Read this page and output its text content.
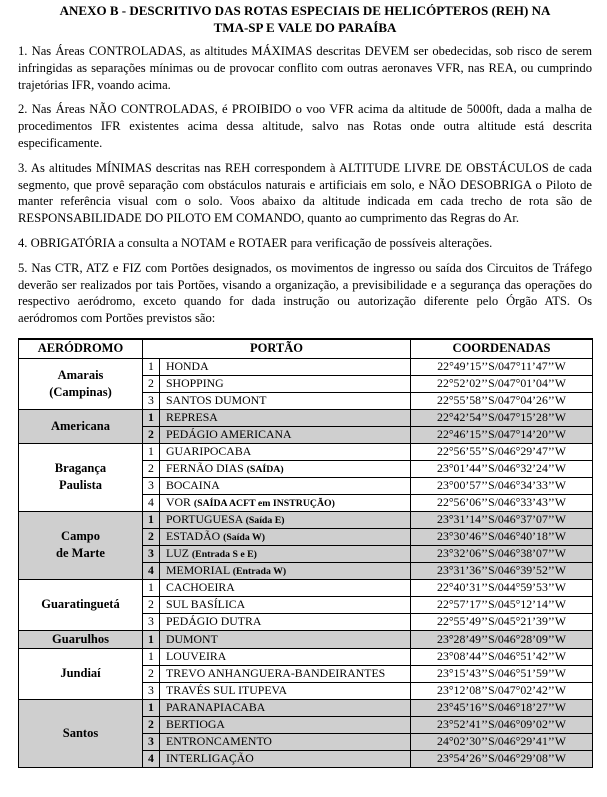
ANEXO B - DESCRITIVO DAS ROTAS ESPECIAIS DE HELICÓPTEROS (REH) NA
TMA-SP E VALE DO PARAÍBA

1. Nas Áreas CONTROLADAS, as altitudes MÁXIMAS descritas DEVEM ser obedecidas, sob risco de serem infringidas as separações mínimas ou de provocar conflito com outras aeronaves VFR, nas REA, ou cumprindo trajetórias IFR, voando acima.

2. Nas Áreas NÃO CONTROLADAS, é PROIBIDO o voo VFR acima da altitude de 5000ft, dada a malha de procedimentos IFR existentes acima dessa altitude, salvo nas Rotas onde outra altitude está descrita especificamente.

3. As altitudes MÍNIMAS descritas nas REH correspondem à ALTITUDE LIVRE DE OBSTÁCULOS de cada segmento, que provê separação com obstáculos naturais e artificiais em solo, e NÃO DESOBRIGA o Piloto de manter referência visual com o solo. Voos abaixo da altitude indicada em cada trecho de rota são de RESPONSABILIDADE DO PILOTO EM COMANDO, quanto ao cumprimento das Regras do Ar.

4. OBRIGATÓRIA a consulta a NOTAM e ROTAER para verificação de possíveis alterações.

5. Nas CTR, ATZ e FIZ com Portões designados, os movimentos de ingresso ou saída dos Circuitos de Tráfego deverão ser realizados por tais Portões, visando a organização, a previsibilidade e a segurança das operações do respectivo aeródromo, exceto quando for dada instrução ou autorização diferente pelo Órgão ATS. Os aeródromos com Portões previstos são:

AERÓDROMO	PORTÃO		COORDENADAS

Amarais
(Campinas)	1	HONDA	22°49’15’’S/047°11’47’’W
	2	SHOPPING	22°52’02’’S/047°01’04’’W
	3	SANTOS DUMONT	22°55’58’’S/047°04’26’’W

Americana	1	REPRESA	22°42’54’’S/047°15’28’’W
	2	PEDÁGIO AMERICANA	22°46’15’’S/047°14’20’’W

Bragança
Paulista	1	GUARIPOCABA	22°56’55’’S/046°29’47’’W
	2	FERNÃO DIAS (SAÍDA)	23°01’44’’S/046°32’24’’W
	3	BOCAINA	23°00’57’’S/046°34’33’’W
	4	VOR (SAÍDA ACFT em INSTRUÇÃO)	22°56’06’’S/046°33’43’’W

Campo
de Marte	1	PORTUGUESA (Saída E)	23°31’14’’S/046°37’07’’W
	2	ESTADÃO (Saída W)	23°30’46’’S/046°40’18’’W
	3	LUZ (Entrada S e E)	23°32’06’’S/046°38’07’’W
	4	MEMORIAL (Entrada W)	23°31’36’’S/046°39’52’’W

Guaratinguetá	1	CACHOEIRA	22°40’31’’S/044°59’53’’W
	2	SUL BASÍLICA	22°57’17’’S/045°12’14’’W
	3	PEDÁGIO DUTRA	22°55’49’’S/045°21’39’’W

Guarulhos	1	DUMONT	23°28’49’’S/046°28’09’’W

Jundiaí	1	LOUVEIRA	23°08’44’’S/046°51’42’’W
	2	TREVO ANHANGUERA-BANDEIRANTES	23°15’43’’S/046°51’59’’W
	3	TRAVÉS SUL ITUPEVA	23°12’08’’S/047°02’42’’W

Santos	1	PARANAPIACABA	23°45’16’’S/046°18’27’’W
	2	BERTIOGA	23°52’41’’S/046°09’02’’W
	3	ENTRONCAMENTO	24°02’30’’S/046°29’41’’W
	4	INTERLIGAÇÃO	23°54’26’’S/046°29’08’’W
